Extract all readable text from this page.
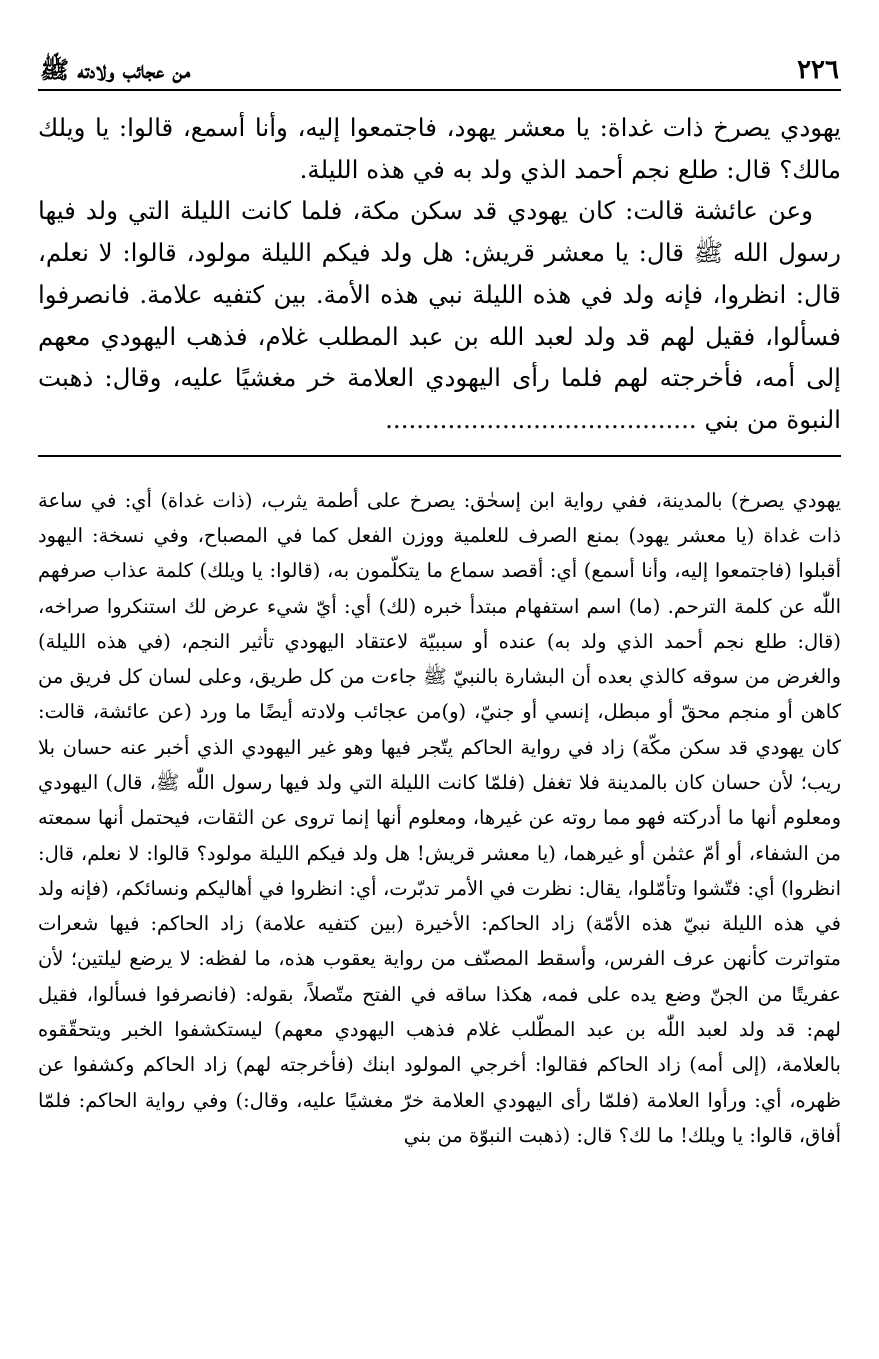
٢٢٦
من عجائب ولادته ﷺ

يهودي يصرخ ذات غداة: يا معشر يهود، فاجتمعوا إليه، وأنا أسمع، قالوا: يا ويلك مالك؟ قال: طلع نجم أحمد الذي ولد به في هذه الليلة.

وعن عائشة قالت: كان يهودي قد سكن مكة، فلما كانت الليلة التي ولد فيها رسول الله ﷺ قال: يا معشر قريش: هل ولد فيكم الليلة مولود، قالوا: لا نعلم، قال: انظروا، فإنه ولد في هذه الليلة نبي هذه الأمة. بين كتفيه علامة. فانصرفوا فسألوا، فقيل لهم قد ولد لعبد الله بن عبد المطلب غلام، فذهب اليهودي معهم إلى أمه، فأخرجته لهم فلما رأى اليهودي العلامة خر مغشيًا عليه، وقال: ذهبت النبوة من بني ........................................

يهودي يصرخ) بالمدينة، ففي رواية ابن إسحٰق: يصرخ على أطمة يثرب، (ذات غداة) أي: في ساعة ذات غداة (يا معشر يهود) بمنع الصرف للعلمية ووزن الفعل كما في المصباح، وفي نسخة: اليهود أقبلوا (فاجتمعوا إليه، وأنا أسمع) أي: أقصد سماع ما يتكلّمون به، (قالوا: يا ويلك) كلمة عذاب صرفهم اللّٰه عن كلمة الترحم. (ما) اسم استفهام مبتدأ خبره (لك) أي: أيّ شيء عرض لك استنكروا صراخه، (قال: طلع نجم أحمد الذي ولد به) عنده أو سببيّة لاعتقاد اليهودي تأثير النجم، (في هذه الليلة) والغرض من سوقه كالذي بعده أن البشارة بالنبيّ ﷺ جاءت من كل طريق، وعلى لسان كل فريق من كاهن أو منجم محقّ أو مبطل، إنسي أو جنيّ، (و)من عجائب ولادته أيضًا ما ورد (عن عائشة، قالت: كان يهودي قد سكن مكّة) زاد في رواية الحاكم يتّجر فيها وهو غير اليهودي الذي أخبر عنه حسان بلا ريب؛ لأن حسان كان بالمدينة فلا تغفل (فلمّا كانت الليلة التي ولد فيها رسول اللّٰه ﷺ، قال) اليهودي ومعلوم أنها ما أدركته فهو مما روته عن غيرها، ومعلوم أنها إنما تروى عن الثقات، فيحتمل أنها سمعته من الشفاء، أو أمّ عثمٰن أو غيرهما، (يا معشر قريش! هل ولد فيكم الليلة مولود؟ قالوا: لا نعلم، قال: انظروا) أي: فتّشوا وتأمّلوا، يقال: نظرت في الأمر تدبّرت، أي: انظروا في أهاليكم ونسائكم، (فإنه ولد في هذه الليلة نبيّ هذه الأمّة) زاد الحاكم: الأخيرة (بين كتفيه علامة) زاد الحاكم: فيها شعرات متواترت كأنهن عرف الفرس، وأسقط المصنّف من رواية يعقوب هذه، ما لفظه: لا يرضع ليلتين؛ لأن عفريتًا من الجنّ وضع يده على فمه، هكذا ساقه في الفتح متّصلاً، بقوله: (فانصرفوا فسألوا، فقيل لهم: قد ولد لعبد اللّٰه بن عبد المطّلب غلام فذهب اليهودي معهم) ليستكشفوا الخبر ويتحقّقوه بالعلامة، (إلى أمه) زاد الحاكم فقالوا: أخرجي المولود ابنك (فأخرجته لهم) زاد الحاكم وكشفوا عن ظهره، أي: ورأوا العلامة (فلمّا رأى اليهودي العلامة خرّ مغشيًا عليه، وقال:) وفي رواية الحاكم: فلمّا أفاق، قالوا: يا ويلك! ما لك؟ قال: (ذهبت النبوّة من بني
